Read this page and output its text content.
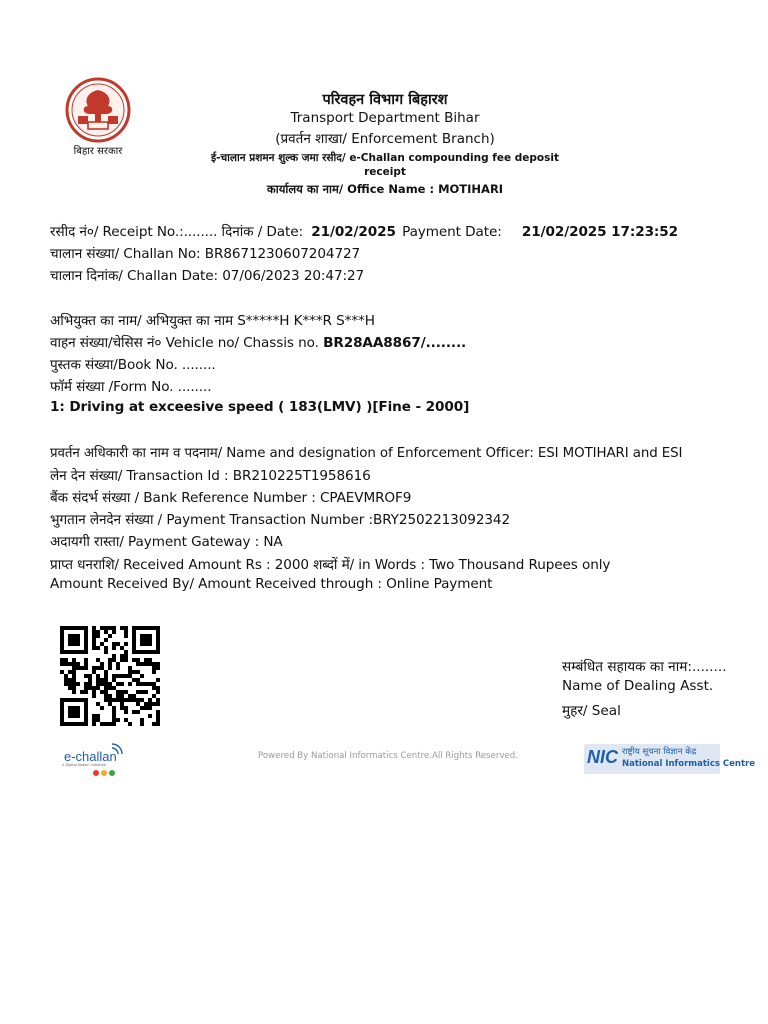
बिहार सरकार
परिवहन विभाग बिहारश
Transport Department Bihar
(प्रवर्तन शाखा/ Enforcement Branch)
ई-चालान प्रशमन शुल्क जमा रसीद/ e-Challan compounding fee deposit
receipt
कार्यालय का नाम/ Office Name : MOTIHARI
रसीद नं०/ Receipt No.:........ दिनांक / Date: 21/02/2025 Payment Date: 21/02/2025 17:23:52
चालान संख्या/ Challan No: BR8671230607204727
चालान दिनांक/ Challan Date: 07/06/2023 20:47:27
अभियुक्त का नाम/ अभियुक्त का नाम S*****H K***R S***H
वाहन संख्या/चेसिस नं० Vehicle no/ Chassis no. BR28AA8867/........
पुस्तक संख्या/Book No. ........
फॉर्म संख्या /Form No. ........
1: Driving at exceesive speed ( 183(LMV) )[Fine - 2000]
प्रवर्तन अधिकारी का नाम व पदनाम/ Name and designation of Enforcement Officer: ESI MOTIHARI and ESI
लेन देन संख्या/ Transaction Id : BR210225T1958616
बैंक संदर्भ संख्या / Bank Reference Number : CPAEVMROF9
भुगतान लेनदेन संख्या / Payment Transaction Number :BRY2502213092342
अदायगी रास्ता/ Payment Gateway : NA
प्राप्त धनराशि/ Received Amount Rs : 2000 शब्दों में/ in Words : Two Thousand Rupees only
Amount Received By/ Amount Received through : Online Payment
सम्बंधित सहायक का नाम:........
Name of Dealing Asst.
मुहर/ Seal
e-challan
A Digital Nation Initiative
Powered By National Informatics Centre.All Rights Reserved.	NIC राष्ट्रीय सूचना विज्ञान केंद्र
National Informatics Centre
